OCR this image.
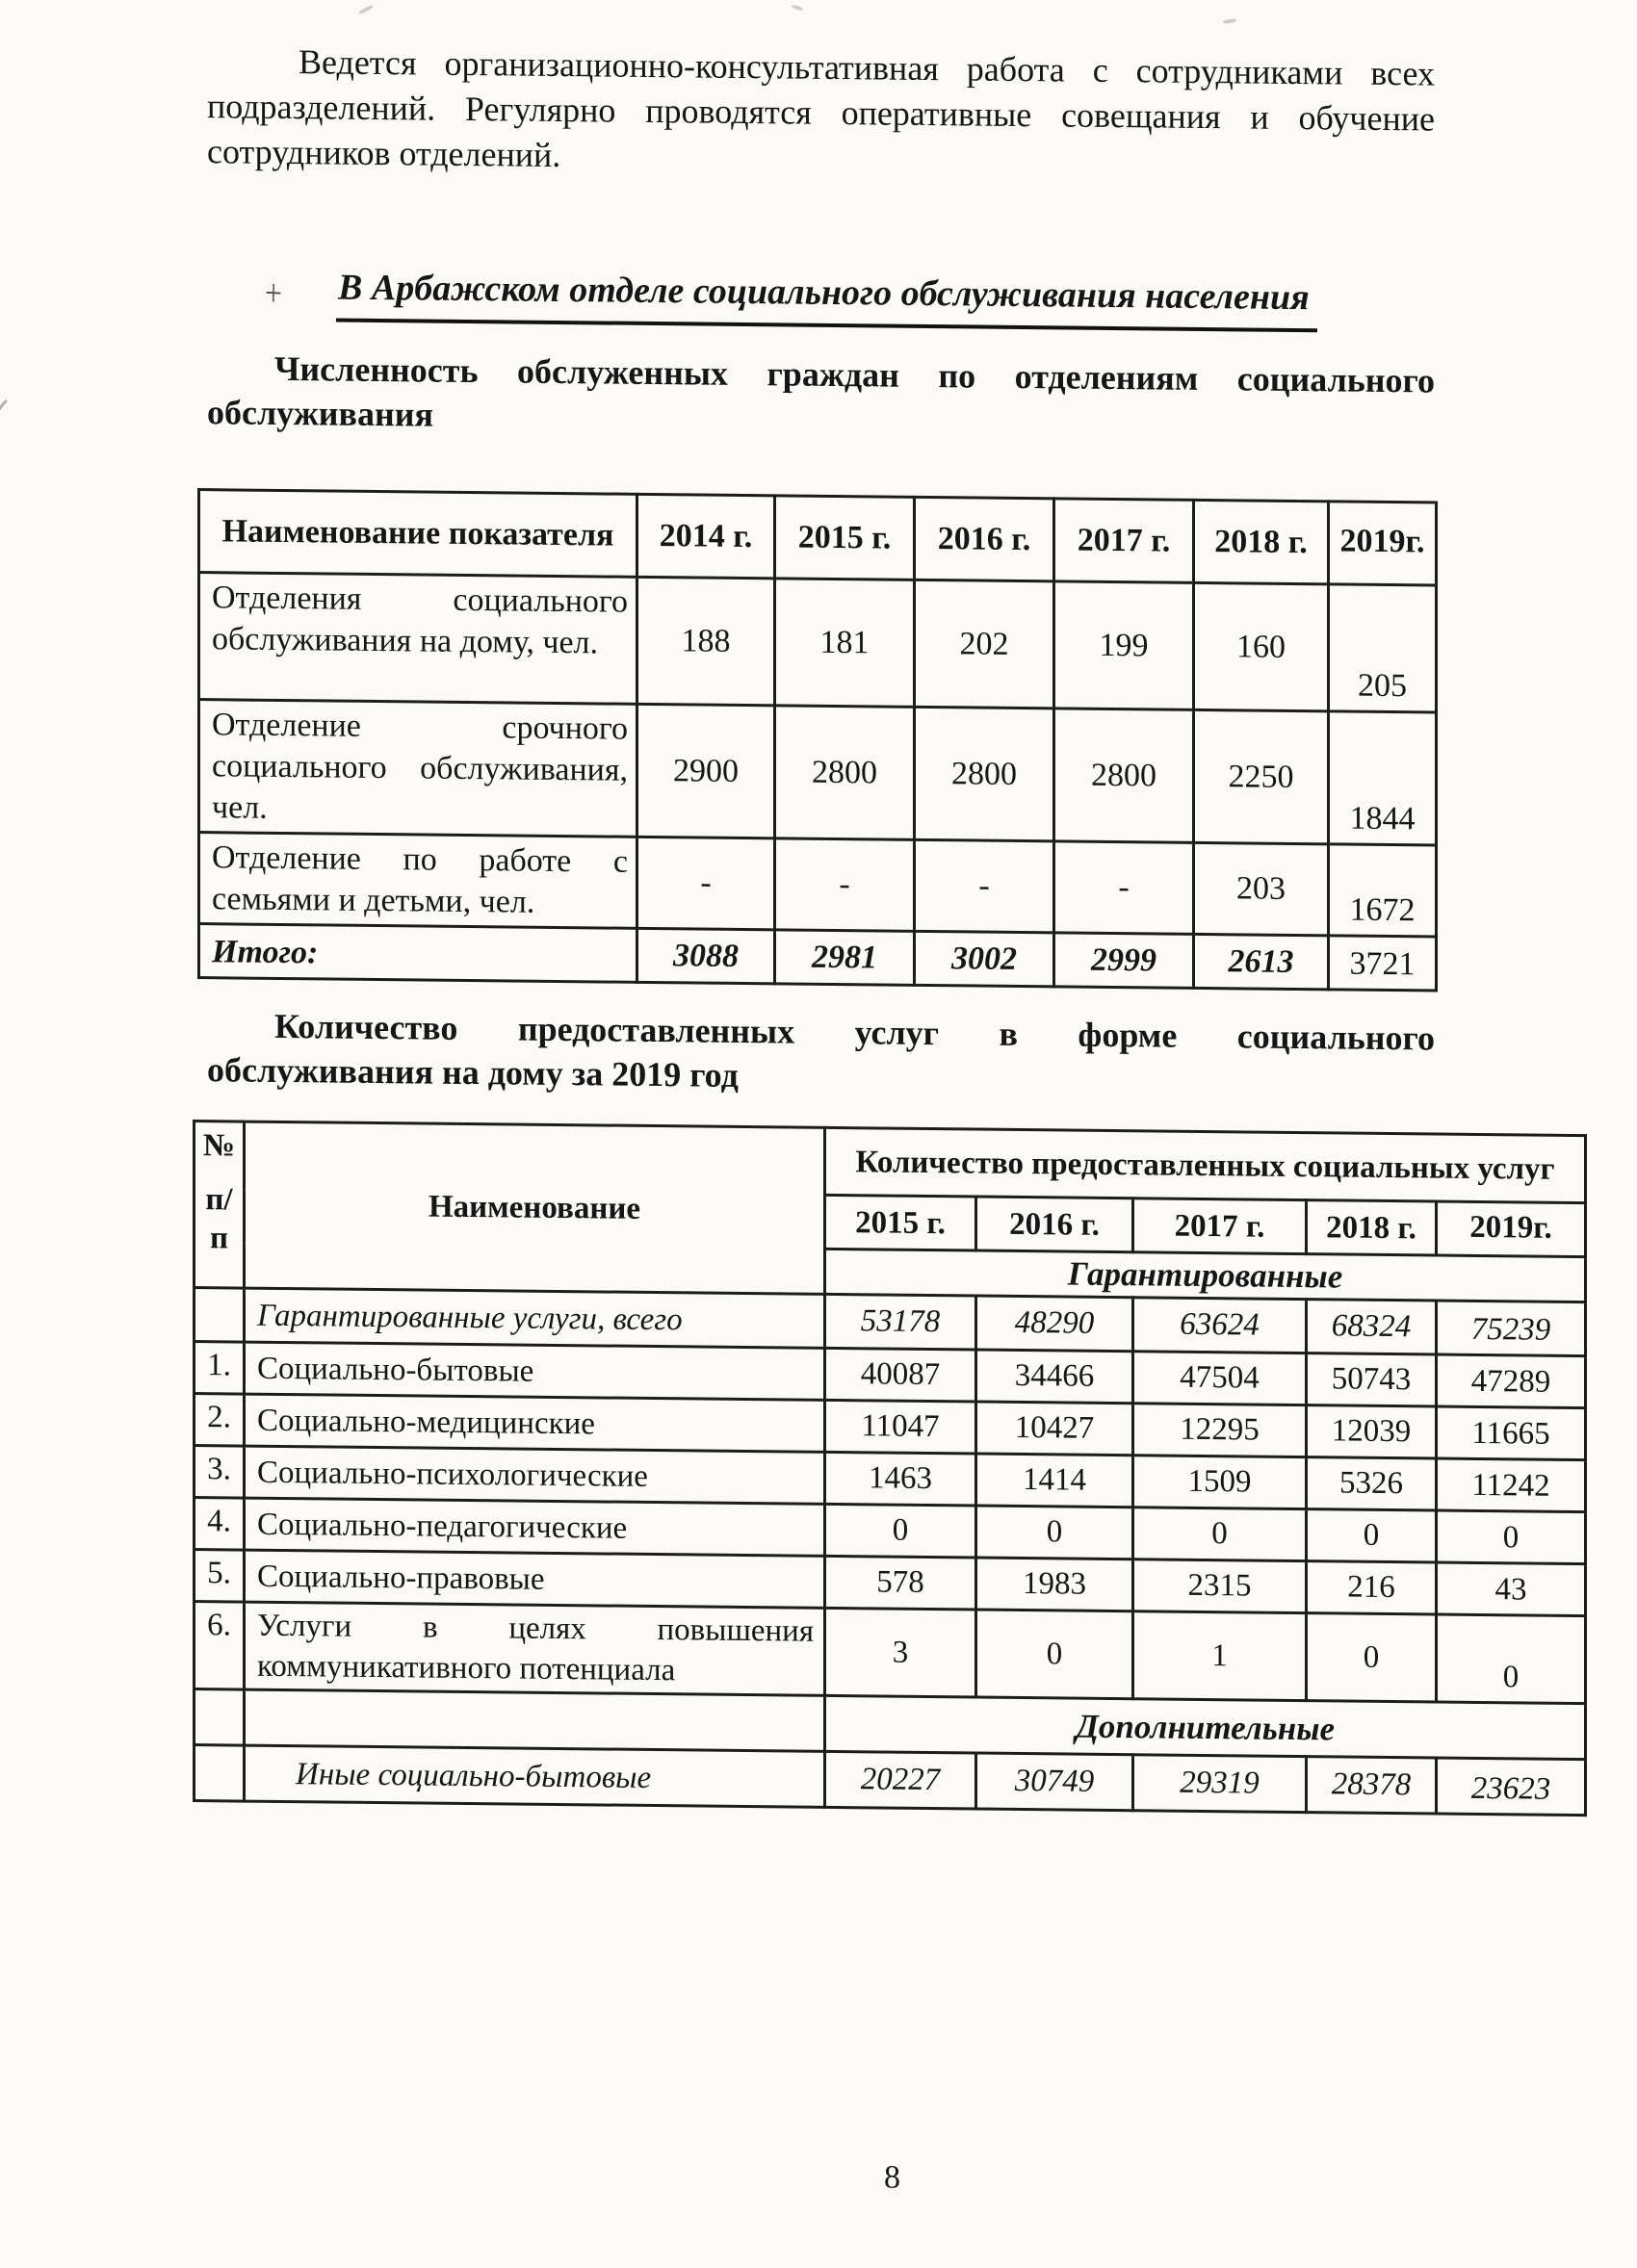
Ведется организационно-консультативная работа с сотрудниками всех
подразделений. Регулярно проводятся оперативные совещания и обучение
сотрудников отделений.
+ В Арбажском отделе социального обслуживания населения
Численность обслуженных граждан по отделениям социального
обслуживания
Наименование показателя	2014 г.	2015 г.	2016 г.	2017 г.	2018 г.	2019г.
Отделения социального обслуживания на дому, чел.	188	181	202	199	160	205
Отделение срочного социального обслуживания, чел.	2900	2800	2800	2800	2250	1844
Отделение по работе с семьями и детьми, чел.	-	-	-	-	203	1672
Итого:	3088	2981	3002	2999	2613	3721
Количество предоставленных услуг в форме социального
обслуживания на дому за 2019 год
№
п/п	Наименование	Количество предоставленных социальных услуг				
		2015 г.	2016 г.	2017 г.	2018 г.	2019г.
		Гарантированные				
	Гарантированные услуги, всего	53178	48290	63624	68324	75239
1.	Социально-бытовые	40087	34466	47504	50743	47289
2.	Социально-медицинские	11047	10427	12295	12039	11665
3.	Социально-психологические	1463	1414	1509	5326	11242
4.	Социально-педагогические	0	0	0	0	0
5.	Социально-правовые	578	1983	2315	216	43
6.	Услуги в целях повышения коммуникативного потенциала	3	0	1	0	0
		Дополнительные				
	Иные социально-бытовые	20227	30749	29319	28378	23623
8
